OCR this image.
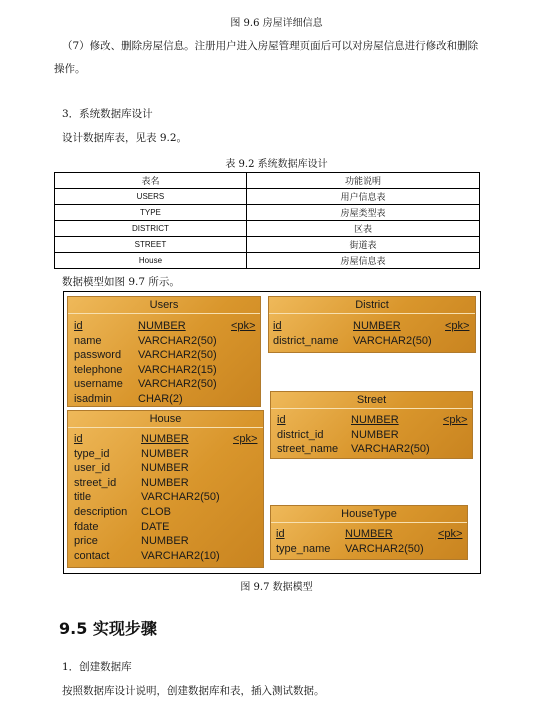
图 9.6 房屋详细信息
（7）修改、删除房屋信息。注册用户进入房屋管理页面后可以对房屋信息进行修改和删除
操作。
3．系统数据库设计
设计数据库表，见表 9.2。
表 9.2 系统数据库设计
表名	功能说明
USERS	用户信息表
TYPE	房屋类型表
DISTRICT	区表
STREET	街道表
House	房屋信息表
数据模型如图 9.7 所示。
Users
id	NUMBER	<pk>
name	VARCHAR2(50)
password VARCHAR2(50)
telephone VARCHAR2(15)
username VARCHAR2(50)
isadmin CHAR(2)
District
id	NUMBER	<pk>
district_name VARCHAR2(50)
Street
id	NUMBER	<pk>
district_id	NUMBER
street_name VARCHAR2(50)
House
id	NUMBER	<pk>
type_id	NUMBER
user_id	NUMBER
street_id NUMBER
title	VARCHAR2(50)
description CLOB
fdate	DATE
price	NUMBER
contact	VARCHAR2(10)
HouseType
id	NUMBER	<pk>
type_name VARCHAR2(50)
图 9.7 数据模型
9.5 实现步骤
1．创建数据库
按照数据库设计说明，创建数据库和表，插入测试数据。
